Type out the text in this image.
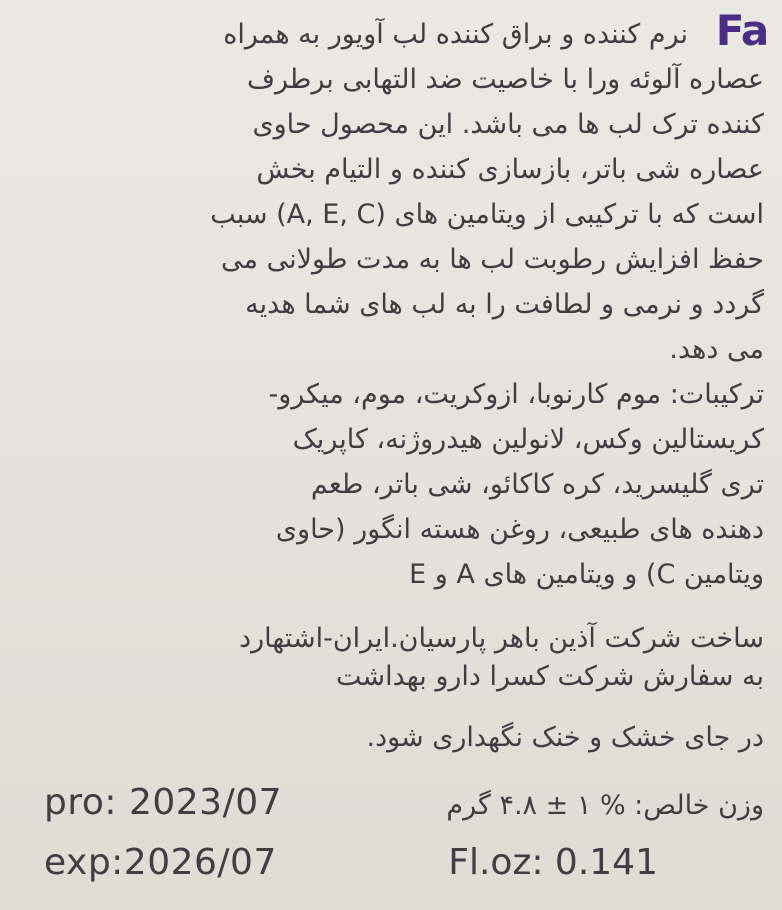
Fa
نرم کننده و براق کننده لب آویور به همراه
عصاره آلوئه ورا با خاصیت ضد التهابی برطرف
کننده ترک لب ها می باشد. این محصول حاوی
عصاره شی باتر، بازسازی کننده و التیام بخش
است که با ترکیبی از ویتامین های (A, E, C) سبب
حفظ افزایش رطوبت لب ها به مدت طولانی می
گردد و نرمی و لطافت را به لب های شما هدیه
می دهد.
ترکیبات: موم کارنوبا، ازوکریت، موم، میکرو-
کریستالین وکس، لانولین هیدروژنه، کاپریک
تری گلیسرید، کره کاکائو، شی باتر، طعم
دهنده های طبیعی، روغن هسته انگور (حاوی
ویتامین C) و ویتامین های A و E
ساخت شرکت آذین باهر پارسیان.ایران-اشتهارد
به سفارش شرکت کسرا دارو بهداشت
در جای خشک و خنک نگهداری شود.
وزن خالص: % ۱ ± ۴.۸ گرم
pro: 2023/07
exp:2026/07	Fl.oz: 0.141
